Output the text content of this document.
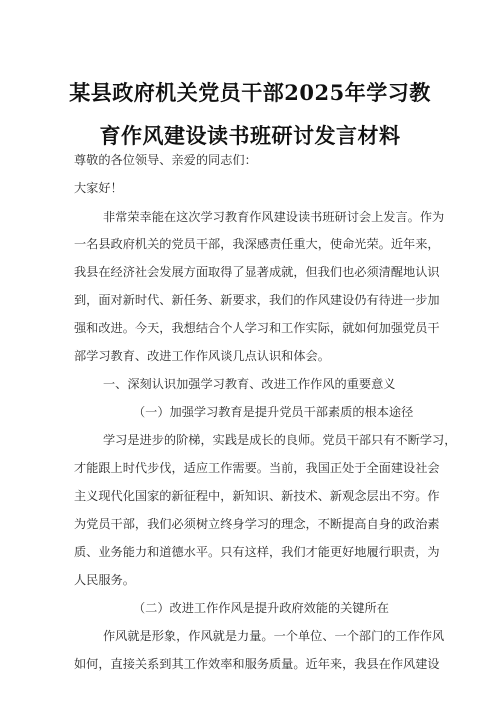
某县政府机关党员干部2025年学习教
育作风建设读书班研讨发言材料
尊敬的各位领导、亲爱的同志们：
大家好！
非常荣幸能在这次学习教育作风建设读书班研讨会上发言。作为
一名县政府机关的党员干部，我深感责任重大，使命光荣。近年来，
我县在经济社会发展方面取得了显著成就，但我们也必须清醒地认识
到，面对新时代、新任务、新要求，我们的作风建设仍有待进一步加
强和改进。今天，我想结合个人学习和工作实际，就如何加强党员干
部学习教育、改进工作作风谈几点认识和体会。
一、深刻认识加强学习教育、改进工作作风的重要意义
（一）加强学习教育是提升党员干部素质的根本途径
学习是进步的阶梯，实践是成长的良师。党员干部只有不断学习，
才能跟上时代步伐，适应工作需要。当前，我国正处于全面建设社会
主义现代化国家的新征程中，新知识、新技术、新观念层出不穷。作
为党员干部，我们必须树立终身学习的理念，不断提高自身的政治素
质、业务能力和道德水平。只有这样，我们才能更好地履行职责，为
人民服务。
（二）改进工作作风是提升政府效能的关键所在
作风就是形象，作风就是力量。一个单位、一个部门的工作作风
如何，直接关系到其工作效率和服务质量。近年来，我县在作风建设
